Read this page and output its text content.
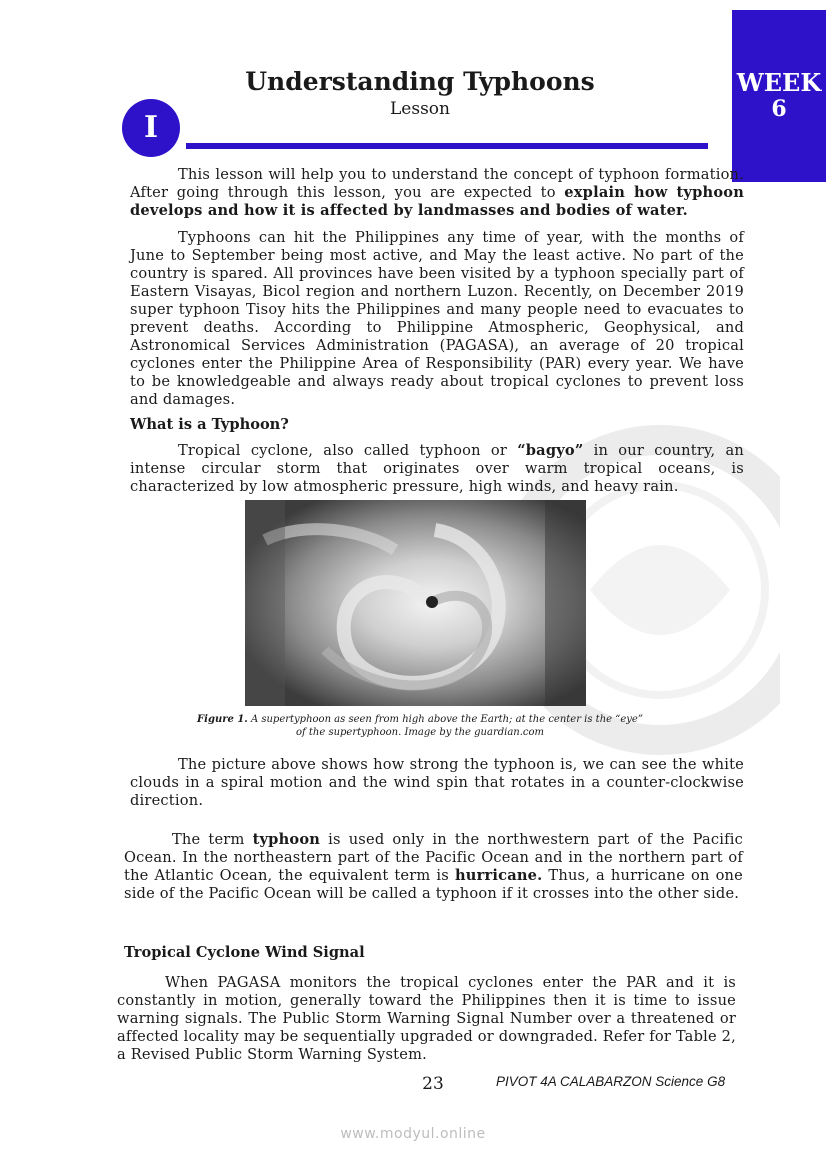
WEEK
6
Understanding Typhoons
Lesson
I
This lesson will help you to understand the concept of typhoon formation. After going through this lesson, you are expected to explain how typhoon develops and how it is affected by landmasses and bodies of water.
Typhoons can hit the Philippines any time of year, with the months of June to September being most active, and May the least active. No part of the country is spared. All provinces have been visited by a typhoon specially part of Eastern Visayas, Bicol region and northern Luzon. Recently, on December 2019 super typhoon Tisoy hits the Philippines and many people need to evacuates to prevent deaths. According to Philippine Atmospheric, Geophysical, and Astronomical Services Administration (PAGASA), an average of 20 tropical cyclones enter the Philippine Area of Responsibility (PAR) every year. We have to be knowledgeable and always ready about tropical cyclones to prevent loss and damages.
What is a Typhoon?
Tropical cyclone, also called typhoon or “bagyo” in our country, an intense circular storm that originates over warm tropical oceans, is characterized by low atmospheric pressure, high winds, and heavy rain.
Figure 1. A supertyphoon as seen from high above the Earth; at the center is the “eye”
of the supertyphoon. Image by the guardian.com
The picture above shows how strong the typhoon is, we can see the white clouds in a spiral motion and the wind spin that rotates in a counter-clockwise direction.
The term typhoon is used only in the northwestern part of the Pacific Ocean. In the northeastern part of the Pacific Ocean and in the northern part of the Atlantic Ocean, the equivalent term is hurricane. Thus, a hurricane on one side of the Pacific Ocean will be called a typhoon if it crosses into the other side.
Tropical Cyclone Wind Signal
When PAGASA monitors the tropical cyclones enter the PAR and it is constantly in motion, generally toward the Philippines then it is time to issue warning signals. The Public Storm Warning Signal Number over a threatened or affected locality may be sequentially upgraded or downgraded. Refer for Table 2, a Revised Public Storm Warning System.
23	PIVOT 4A CALABARZON Science G8
www.modyul.online
